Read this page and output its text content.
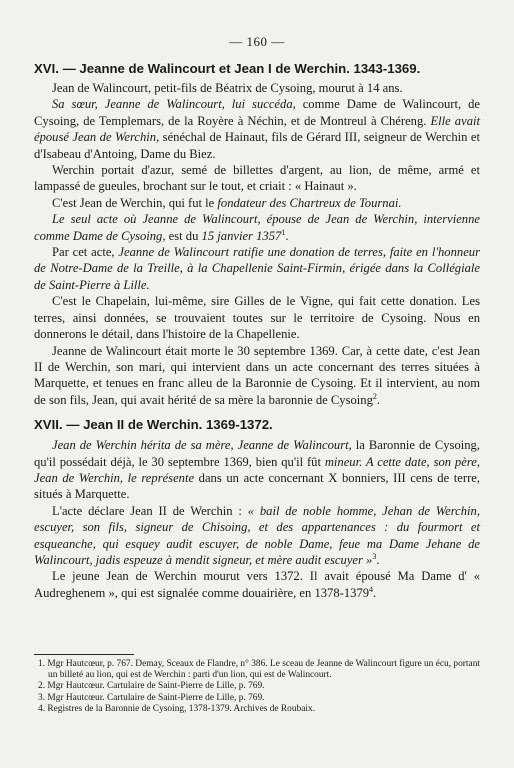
— 160 —

XVI. — Jeanne de Walincourt et Jean I de Werchin. 1343-1369.

Jean de Walincourt, petit-fils de Béatrix de Cysoing, mourut à 14 ans.

Sa sœur, Jeanne de Walincourt, lui succéda, comme Dame de Walincourt, de Cysoing, de Templemars, de la Royère à Néchin, et de Montreul à Chéreng. Elle avait épousé Jean de Werchin, sénéchal de Hainaut, fils de Gérard III, seigneur de Werchin et d'Isabeau d'Antoing, Dame du Biez.

Werchin portait d'azur, semé de billettes d'argent, au lion, de même, armé et lampassé de gueules, brochant sur le tout, et criait : « Hainaut ».

C'est Jean de Werchin, qui fut le fondateur des Chartreux de Tournai.

Le seul acte où Jeanne de Walincourt, épouse de Jean de Werchin, intervienne comme Dame de Cysoing, est du 15 janvier 1357$^1$.

Par cet acte, Jeanne de Walincourt ratifie une donation de terres, faite en l'honneur de Notre-Dame de la Treille, à la Chapellenie Saint-Firmin, érigée dans la Collégiale de Saint-Pierre à Lille.

C'est le Chapelain, lui-même, sire Gilles de le Vigne, qui fait cette donation. Les terres, ainsi données, se trouvaient toutes sur le territoire de Cysoing. Nous en donnerons le détail, dans l'histoire de la Chapellenie.

Jeanne de Walincourt était morte le 30 septembre 1369. Car, à cette date, c'est Jean II de Werchin, son mari, qui intervient dans un acte concernant des terres situées à Marquette, et tenues en franc alleu de la Baronnie de Cysoing. Et il intervient, au nom de son fils, Jean, qui avait hérité de sa mère la baronnie de Cysoing$^2$.

XVII. — Jean II de Werchin. 1369-1372.

Jean de Werchin hérita de sa mère, Jeanne de Walincourt, la Baronnie de Cysoing, qu'il possédait déjà, le 30 septembre 1369, bien qu'il fût mineur. A cette date, son père, Jean de Werchin, le représente dans un acte concernant X bonniers, III cens de terre, situés à Marquette.

L'acte déclare Jean II de Werchin : « bail de noble homme, Jehan de Werchin, escuyer, son fils, signeur de Chisoing, et des appartenances : du fourmort et esqueanche, qui esquey audit escuyer, de noble Dame, feue ma Dame Jehane de Walincourt, jadis espeuze à mendit signeur, et mère audit escuyer »$^3$.

Le jeune Jean de Werchin mourut vers 1372. Il avait épousé Ma Dame d' « Audreghenem », qui est signalée comme douairière, en 1378-1379$^4$.

1. Mgr Hautcœur, p. 767. Demay, Sceaux de Flandre, n° 386. Le sceau de Jeanne de Walincourt figure un écu, portant un billeté au lion, qui est de Werchin : parti d'un lion, qui est de Walincourt.

2. Mgr Hautcœur. Cartulaire de Saint-Pierre de Lille, p. 769.

3. Mgr Hautcœur. Cartulaire de Saint-Pierre de Lille, p. 769.

4. Registres de la Baronnie de Cysoing, 1378-1379. Archives de Roubaix.
